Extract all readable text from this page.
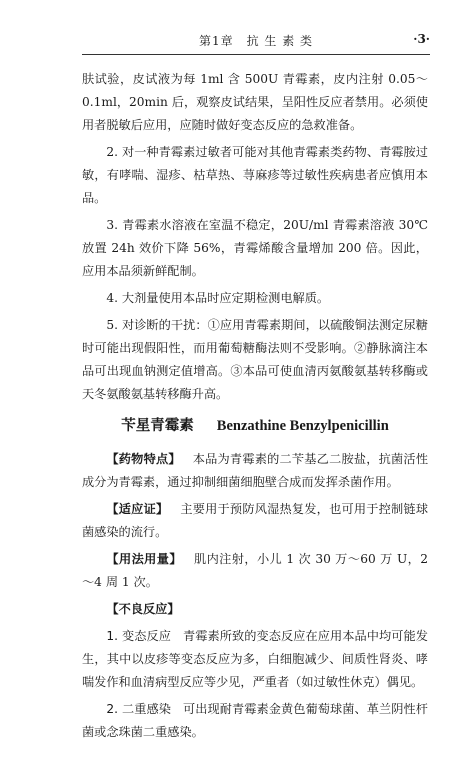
第1章　抗 生 素 类	·3·

肤试验，皮试液为每 1ml 含 500U 青霉素，皮内注射 0.05～0.1ml，20min 后，观察皮试结果，呈阳性反应者禁用。必须使用者脱敏后应用，应随时做好变态反应的急救准备。

2. 对一种青霉素过敏者可能对其他青霉素类药物、青霉胺过敏，有哮喘、湿疹、枯草热、荨麻疹等过敏性疾病患者应慎用本品。

3. 青霉素水溶液在室温不稳定，20U/ml 青霉素溶液 30℃放置 24h 效价下降 56%，青霉烯酸含量增加 200 倍。因此，应用本品须新鲜配制。

4. 大剂量使用本品时应定期检测电解质。

5. 对诊断的干扰：①应用青霉素期间，以硫酸铜法测定尿糖时可能出现假阳性，而用葡萄糖酶法则不受影响。②静脉滴注本品可出现血钠测定值增高。③本品可使血清丙氨酸氨基转移酶或天冬氨酸氨基转移酶升高。

苄星青霉素 Benzathine Benzylpenicillin

【药物特点】 本品为青霉素的二苄基乙二胺盐，抗菌活性成分为青霉素，通过抑制细菌细胞壁合成而发挥杀菌作用。

【适应证】 主要用于预防风湿热复发，也可用于控制链球菌感染的流行。

【用法用量】 肌内注射，小儿 1 次 30 万～60 万 U，2～4 周 1 次。

【不良反应】

1. 变态反应 青霉素所致的变态反应在应用本品中均可能发生，其中以皮疹等变态反应为多，白细胞减少、间质性肾炎、哮喘发作和血清病型反应等少见，严重者（如过敏性休克）偶见。

2. 二重感染 可出现耐青霉素金黄色葡萄球菌、革兰阴性杆菌或念珠菌二重感染。
